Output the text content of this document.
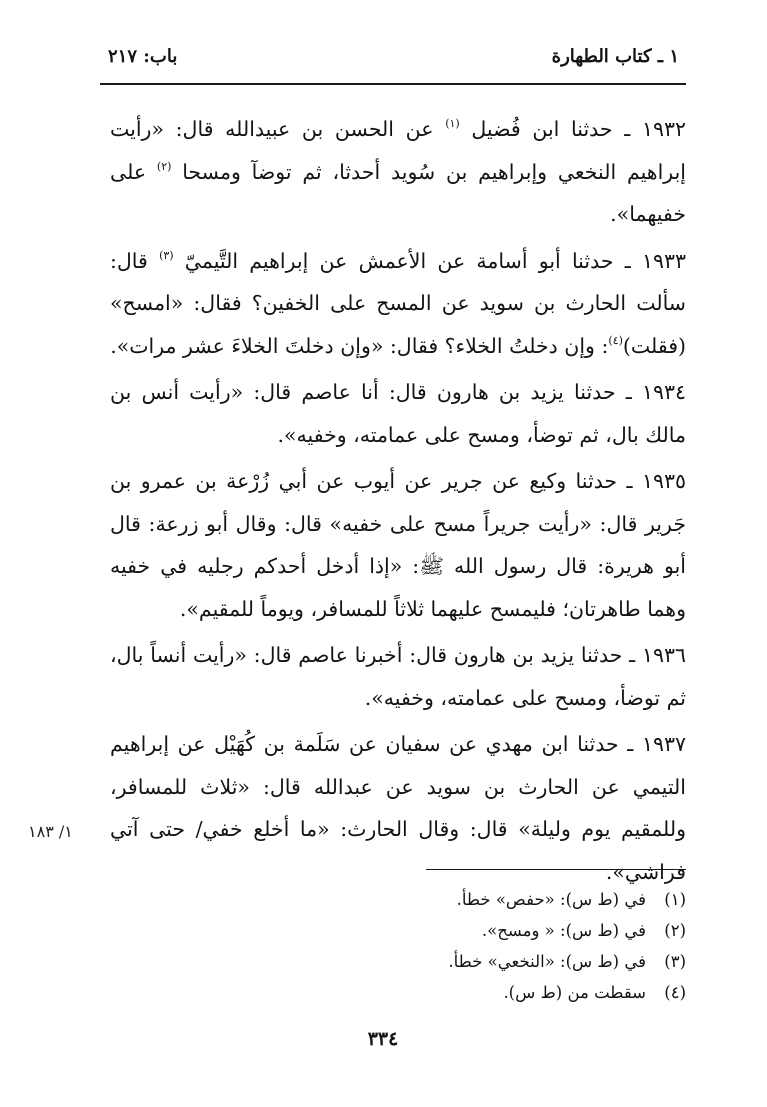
١ ـ كتاب الطهارة
باب: ٢١٧

١٩٣٢ ـ حدثنا ابن فُضيل $^{(١)}$ عن الحسن بن عبيدالله قال: «رأيت إبراهيم النخعي وإبراهيم بن سُويد أحدثا، ثم توضآ ومسحا $^{(٢)}$ على خفيهما».

١٩٣٣ ـ حدثنا أبو أسامة عن الأعمش عن إبراهيم التَّيميّ $^{(٣)}$ قال: سألت الحارث بن سويد عن المسح على الخفين؟ فقال: «امسح» (فقلت)$^{(٤)}$: وإن دخلتُ الخلاء؟ فقال: «وإن دخلتَ الخلاءَ عشر مرات».

١٩٣٤ ـ حدثنا يزيد بن هارون قال: أنا عاصم قال: «رأيت أنس بن مالك بال، ثم توضأ، ومسح على عمامته، وخفيه».

١٩٣٥ ـ حدثنا وكيع عن جرير عن أيوب عن أبي زُرْعة بن عمرو بن جَرير قال: «رأيت جريراً مسح على خفيه» قال: وقال أبو زرعة: قال أبو هريرة: قال رسول الله ﷺ: «إذا أدخل أحدكم رجليه في خفيه وهما طاهرتان؛ فليمسح عليهما ثلاثاً للمسافر، ويوماً للمقيم».

١٩٣٦ ـ حدثنا يزيد بن هارون قال: أخبرنا عاصم قال: «رأيت أنساً بال، ثم توضأ، ومسح على عمامته، وخفيه».

١٩٣٧ ـ حدثنا ابن مهدي عن سفيان عن سَلَمة بن كُهَيْل عن إبراهيم التيمي عن الحارث بن سويد عن عبدالله قال: «ثلاث للمسافر، وللمقيم يوم وليلة» قال: وقال الحارث: «ما أخلع خفي/ حتى آتي فراشي».

١/ ١٨٣
(١)في (ط س): «حفص» خطأ.
(٢)في (ط س): « ومسح».
(٣)في (ط س): «النخعي» خطأ.
(٤)سقطت من (ط س).
٣٣٤
